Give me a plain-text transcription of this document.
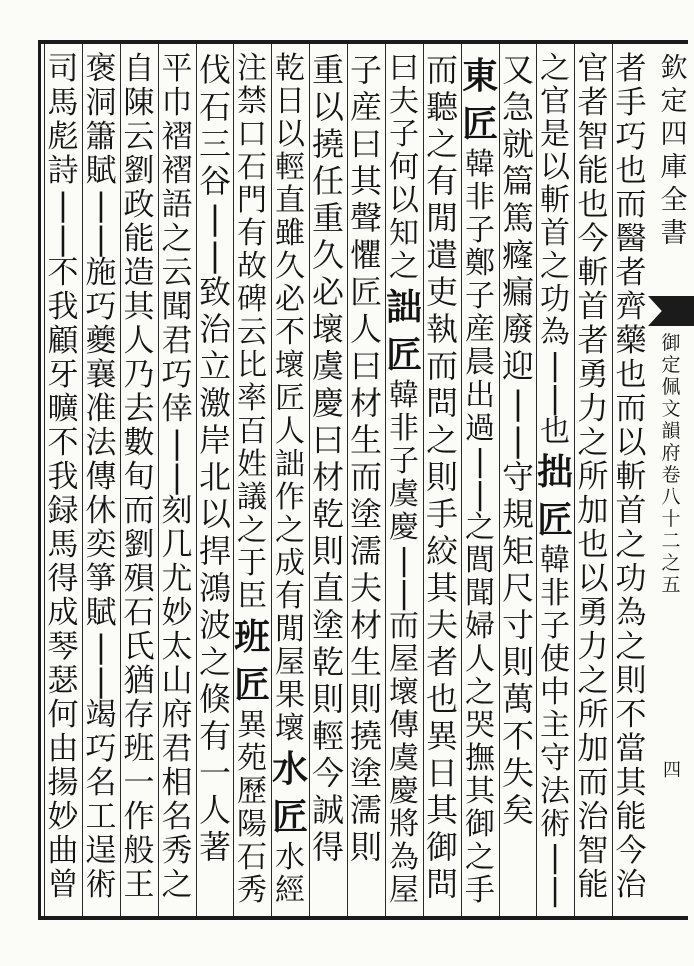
欽
定
四
庫
全
書
御
定
佩
文
韻
府
卷
八
十
二
之
五
四
者
手
巧
也
而
醫
者
齊
藥
也
而
以
斬
首
之
功
為
之
則
不
當
其
能
今
治
官
者
智
能
也
今
斬
首
者
勇
力
之
所
加
也
以
勇
力
之
所
加
而
治
智
能
之
官
是
以
斬
首
之
功
為
|
|
也
拙
匠
韓
非
子
使
中
主
守
法
術
|
|
又
急
就
篇
篤
癃
瘺
廢
迎
|
|
守
規
矩
尺
寸
則
萬
不
失
矣
東
匠
韓
非
子
鄭
子
産
晨
出
過
|
|
之
閭
聞
婦
人
之
哭
撫
其
御
之
手
而
聽
之
有
閒
遣
吏
執
而
問
之
則
手
絞
其
夫
者
也
異
日
其
御
問
曰
夫
子
何
以
知
之
詘
匠
韓
非
子
虞
慶
|
|
而
屋
壞
傳
虞
慶
將
為
屋
子
産
曰
其
聲
懼
匠
人
曰
材
生
而
塗
濡
夫
材
生
則
撓
塗
濡
則
重
以
撓
任
重
久
必
壞
虞
慶
曰
材
乾
則
直
塗
乾
則
輕
今
誠
得
乾
日
以
輕
直
雖
久
必
不
壞
匠
人
詘
作
之
成
有
閒
屋
果
壞
水
匠
水
經
注
禁
口
石
門
有
故
碑
云
比
率
百
姓
議
之
于
臣
班
匠
異
苑
歷
陽
石
秀
伐
石
三
谷
|
|
致
治
立
激
岸
北
以
捍
鴻
波
之
倏
有
一
人
著
平
巾
褶
褶
語
之
云
聞
君
巧
倖
|
|
刻
几
尤
妙
太
山
府
君
相
名
秀
之
自
陳
云
劉
政
能
造
其
人
乃
去
數
旬
而
劉
殞
石
氏
猶
存
班
一
作
般
王
褒
洞
簫
賦
|
|
施
巧
夔
襄
准
法
傳
休
奕
箏
賦
|
|
竭
巧
名
工
逞
術
司
馬
彪
詩
|
|
不
我
顧
牙
曠
不
我
録
馬
得
成
琴
瑟
何
由
揚
妙
曲
曾
